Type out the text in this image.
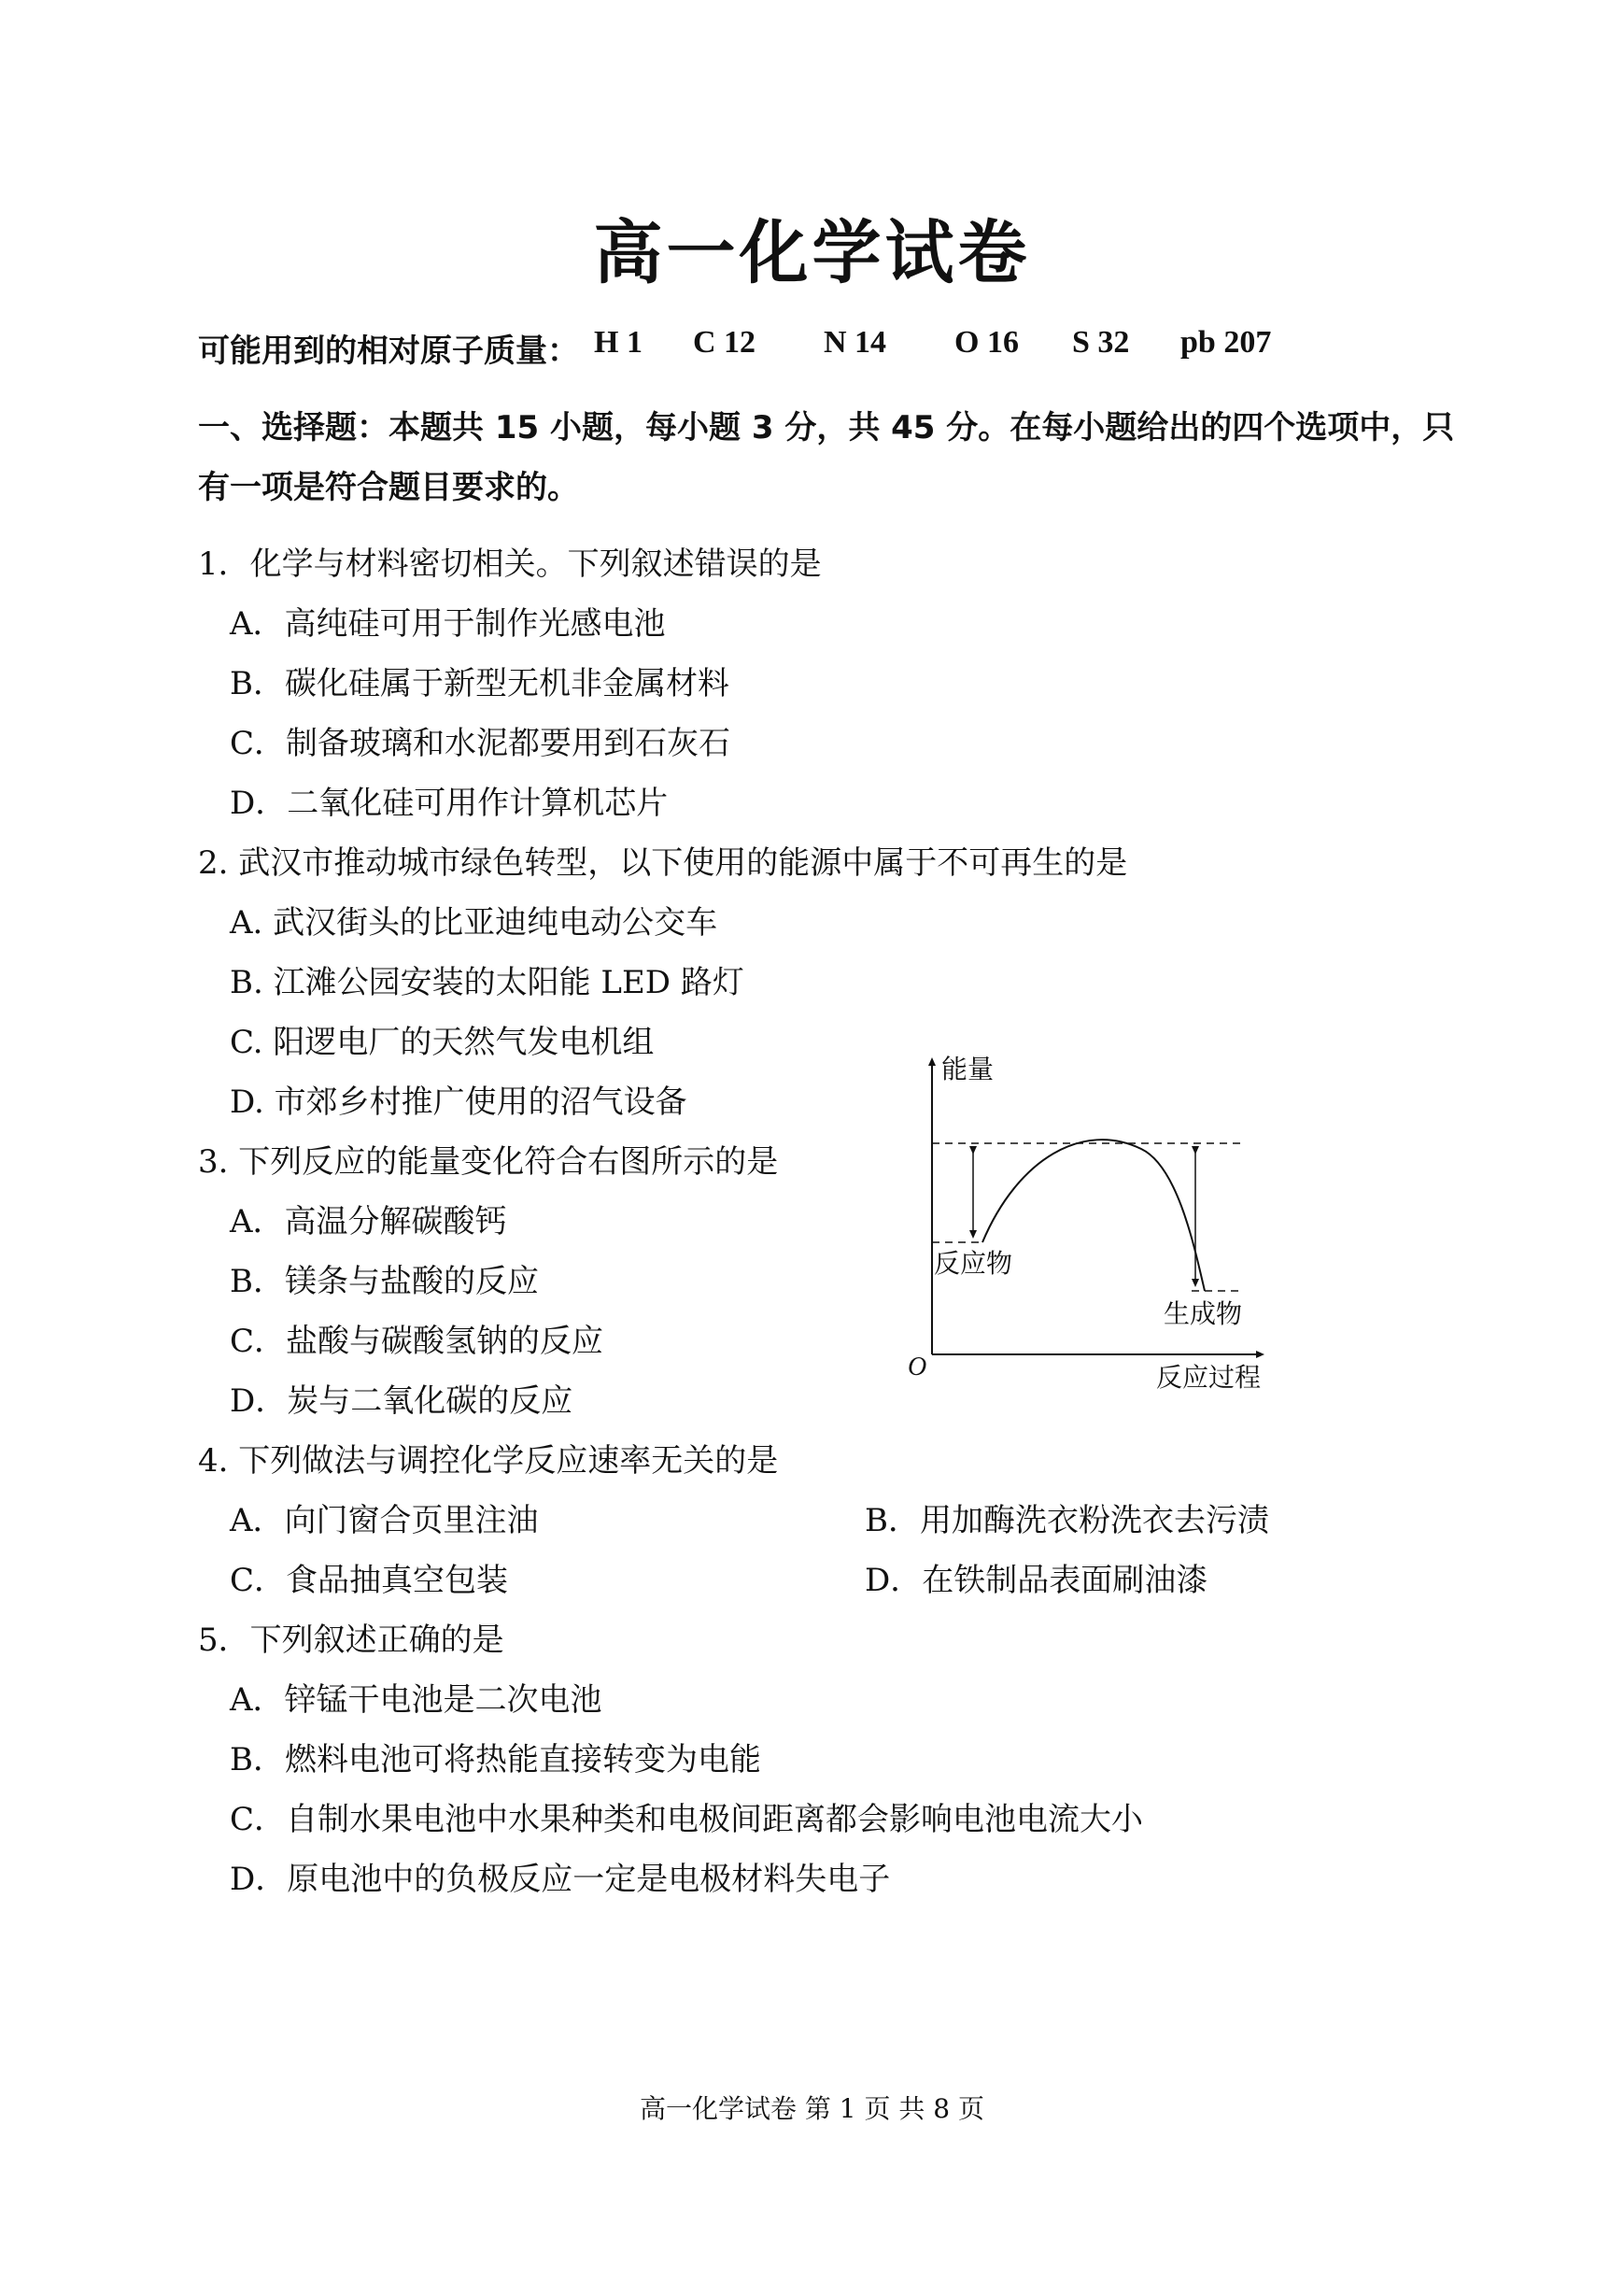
高一化学试卷
可能用到的相对原子质量： H 1 C 12 N 14 O 16 S 32 pb 207
一、选择题：本题共 15 小题，每小题 3 分，共 45 分。在每小题给出的四个选项中，只
有一项是符合题目要求的。
1．化学与材料密切相关。下列叙述错误的是
A．高纯硅可用于制作光感电池
B．碳化硅属于新型无机非金属材料
C．制备玻璃和水泥都要用到石灰石
D．二氧化硅可用作计算机芯片
2. 武汉市推动城市绿色转型，以下使用的能源中属于不可再生的是
A. 武汉街头的比亚迪纯电动公交车
B. 江滩公园安装的太阳能 LED 路灯
C. 阳逻电厂的天然气发电机组
D. 市郊乡村推广使用的沼气设备
3. 下列反应的能量变化符合右图所示的是
A．高温分解碳酸钙
B．镁条与盐酸的反应
C．盐酸与碳酸氢钠的反应
D．炭与二氧化碳的反应
4. 下列做法与调控化学反应速率无关的是
A．向门窗合页里注油	B．用加酶洗衣粉洗衣去污渍
C．食品抽真空包装	D．在铁制品表面刷油漆
5．下列叙述正确的是
A．锌锰干电池是二次电池
B．燃料电池可将热能直接转变为电能
C．自制水果电池中水果种类和电极间距离都会影响电池电流大小
D．原电池中的负极反应一定是电极材料失电子
能量
反应物
生成物
O	反应过程
高一化学试卷 第 1 页 共 8 页
